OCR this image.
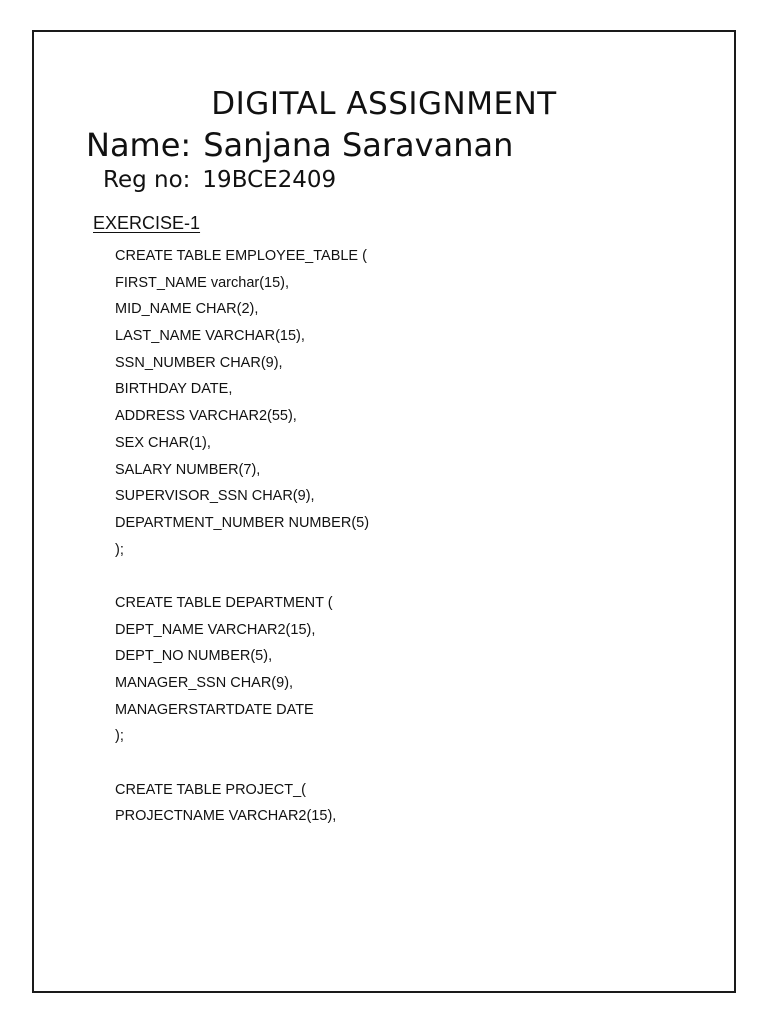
DIGITAL ASSIGNMENT
Name: Sanjana Saravanan
Reg no: 19BCE2409
EXERCISE-1
CREATE TABLE EMPLOYEE_TABLE (
FIRST_NAME varchar(15),
MID_NAME CHAR(2),
LAST_NAME VARCHAR(15),
SSN_NUMBER CHAR(9),
BIRTHDAY DATE,
ADDRESS VARCHAR2(55),
SEX CHAR(1),
SALARY NUMBER(7),
SUPERVISOR_SSN CHAR(9),
DEPARTMENT_NUMBER NUMBER(5)
);
CREATE TABLE DEPARTMENT (
DEPT_NAME VARCHAR2(15),
DEPT_NO NUMBER(5),
MANAGER_SSN CHAR(9),
MANAGERSTARTDATE DATE
);
CREATE TABLE PROJECT_(
PROJECTNAME VARCHAR2(15),
